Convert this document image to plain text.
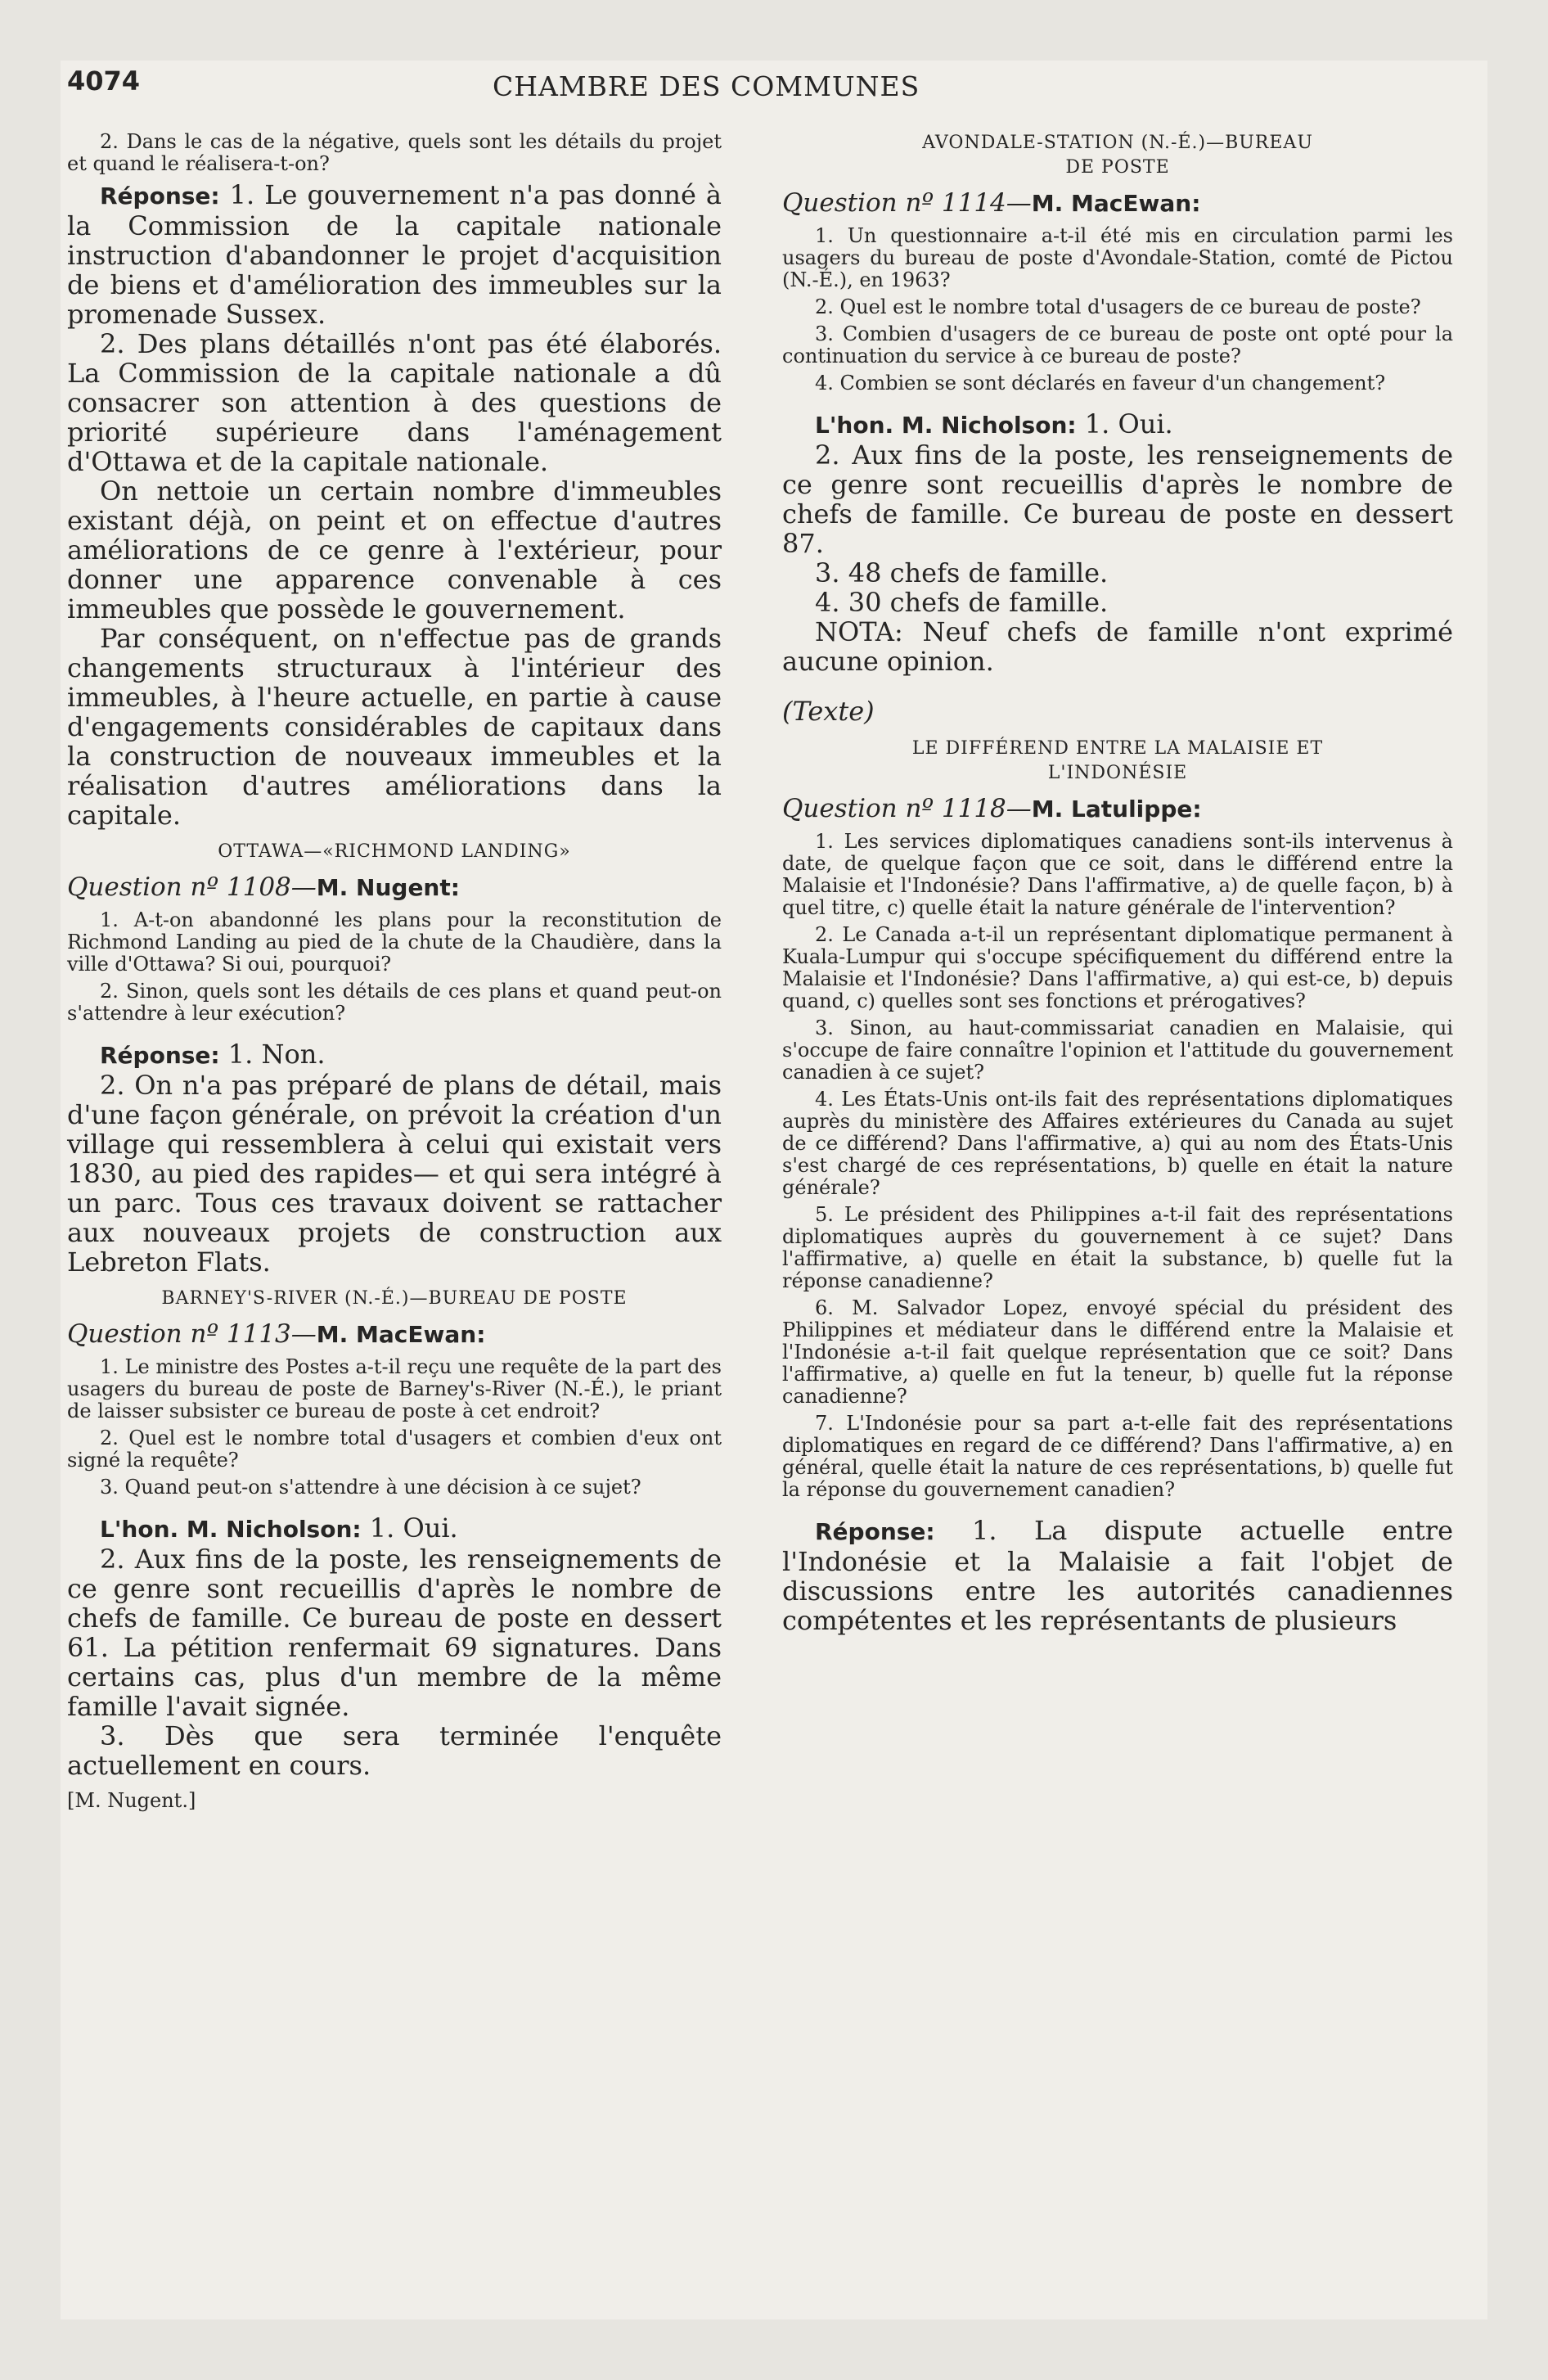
4074	CHAMBRE DES COMMUNES

2. Dans le cas de la négative, quels sont les détails du projet et quand le réalisera-t-on?

Réponse: 1. Le gouvernement n'a pas donné à la Commission de la capitale nationale instruction d'abandonner le projet d'acquisition de biens et d'amélioration des immeubles sur la promenade Sussex.

2. Des plans détaillés n'ont pas été élaborés. La Commission de la capitale nationale a dû consacrer son attention à des questions de priorité supérieure dans l'aménagement d'Ottawa et de la capitale nationale.

On nettoie un certain nombre d'immeubles existant déjà, on peint et on effectue d'autres améliorations de ce genre à l'extérieur, pour donner une apparence convenable à ces immeubles que possède le gouvernement.

Par conséquent, on n'effectue pas de grands changements structuraux à l'intérieur des immeubles, à l'heure actuelle, en partie à cause d'engagements considérables de capitaux dans la construction de nouveaux immeubles et la réalisation d'autres améliorations dans la capitale.

OTTAWA—«RICHMOND LANDING»

Question nº 1108—M. Nugent:

1. A-t-on abandonné les plans pour la reconstitution de Richmond Landing au pied de la chute de la Chaudière, dans la ville d'Ottawa? Si oui, pourquoi?

2. Sinon, quels sont les détails de ces plans et quand peut-on s'attendre à leur exécution?

Réponse: 1. Non.

2. On n'a pas préparé de plans de détail, mais d'une façon générale, on prévoit la création d'un village qui ressemblera à celui qui existait vers 1830, au pied des rapides— et qui sera intégré à un parc. Tous ces travaux doivent se rattacher aux nouveaux projets de construction aux Lebreton Flats.

BARNEY'S-RIVER (N.-É.)—BUREAU DE POSTE

Question nº 1113—M. MacEwan:

1. Le ministre des Postes a-t-il reçu une requête de la part des usagers du bureau de poste de Barney's-River (N.-É.), le priant de laisser subsister ce bureau de poste à cet endroit?

2. Quel est le nombre total d'usagers et combien d'eux ont signé la requête?

3. Quand peut-on s'attendre à une décision à ce sujet?

L'hon. M. Nicholson: 1. Oui.

2. Aux fins de la poste, les renseignements de ce genre sont recueillis d'après le nombre de chefs de famille. Ce bureau de poste en dessert 61. La pétition renfermait 69 signatures. Dans certains cas, plus d'un membre de la même famille l'avait signée.

3. Dès que sera terminée l'enquête actuellement en cours.

[M. Nugent.]

AVONDALE-STATION (N.-É.)—BUREAU

DE POSTE

Question nº 1114—M. MacEwan:

1. Un questionnaire a-t-il été mis en circulation parmi les usagers du bureau de poste d'Avondale-Station, comté de Pictou (N.-É.), en 1963?

2. Quel est le nombre total d'usagers de ce bureau de poste?

3. Combien d'usagers de ce bureau de poste ont opté pour la continuation du service à ce bureau de poste?

4. Combien se sont déclarés en faveur d'un changement?

L'hon. M. Nicholson: 1. Oui.

2. Aux fins de la poste, les renseignements de ce genre sont recueillis d'après le nombre de chefs de famille. Ce bureau de poste en dessert 87.

3. 48 chefs de famille.

4. 30 chefs de famille.

NOTA: Neuf chefs de famille n'ont exprimé aucune opinion.

(Texte)

LE DIFFÉREND ENTRE LA MALAISIE ET

L'INDONÉSIE

Question nº 1118—M. Latulippe:

1. Les services diplomatiques canadiens sont-ils intervenus à date, de quelque façon que ce soit, dans le différend entre la Malaisie et l'Indonésie? Dans l'affirmative, a) de quelle façon, b) à quel titre, c) quelle était la nature générale de l'intervention?

2. Le Canada a-t-il un représentant diplomatique permanent à Kuala-Lumpur qui s'occupe spécifiquement du différend entre la Malaisie et l'Indonésie? Dans l'affirmative, a) qui est-ce, b) depuis quand, c) quelles sont ses fonctions et prérogatives?

3. Sinon, au haut-commissariat canadien en Malaisie, qui s'occupe de faire connaître l'opinion et l'attitude du gouvernement canadien à ce sujet?

4. Les États-Unis ont-ils fait des représentations diplomatiques auprès du ministère des Affaires extérieures du Canada au sujet de ce différend? Dans l'affirmative, a) qui au nom des États-Unis s'est chargé de ces représentations, b) quelle en était la nature générale?

5. Le président des Philippines a-t-il fait des représentations diplomatiques auprès du gouvernement à ce sujet? Dans l'affirmative, a) quelle en était la substance, b) quelle fut la réponse canadienne?

6. M. Salvador Lopez, envoyé spécial du président des Philippines et médiateur dans le différend entre la Malaisie et l'Indonésie a-t-il fait quelque représentation que ce soit? Dans l'affirmative, a) quelle en fut la teneur, b) quelle fut la réponse canadienne?

7. L'Indonésie pour sa part a-t-elle fait des représentations diplomatiques en regard de ce différend? Dans l'affirmative, a) en général, quelle était la nature de ces représentations, b) quelle fut la réponse du gouvernement canadien?

Réponse: 1. La dispute actuelle entre l'Indonésie et la Malaisie a fait l'objet de discussions entre les autorités canadiennes compétentes et les représentants de plusieurs
